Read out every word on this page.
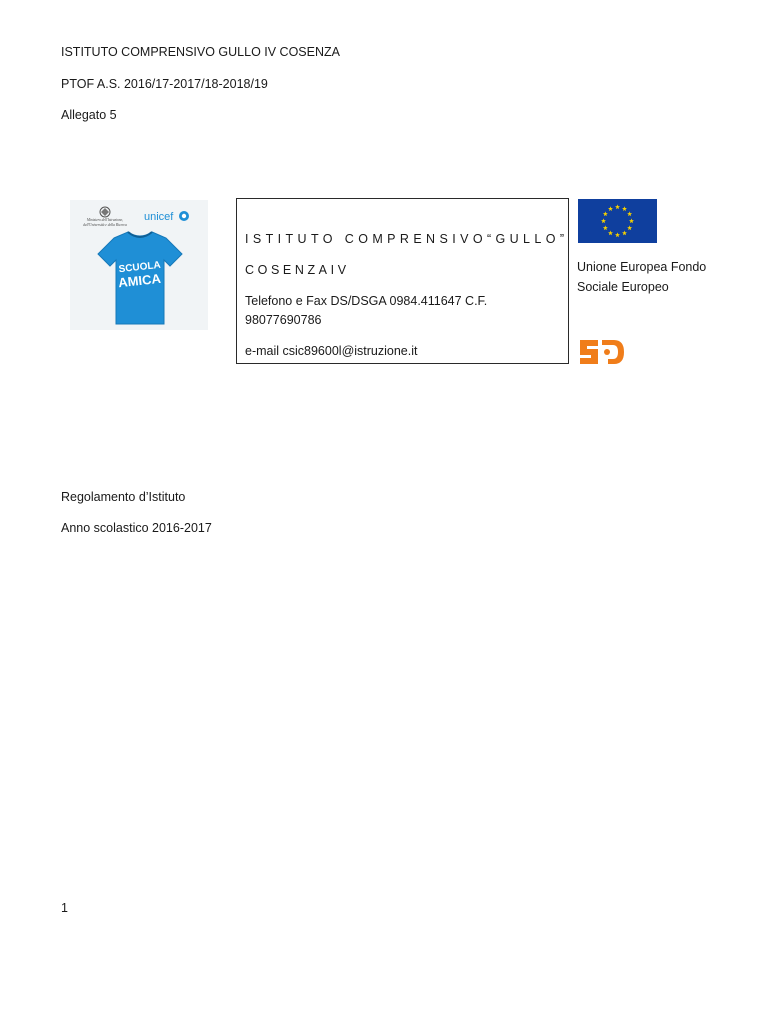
ISTITUTO COMPRENSIVO GULLO IV COSENZA
PTOF A.S. 2016/17-2017/18-2018/19
Allegato 5
Ministero dell'Istruzione,
dell'Università e della Ricerca
unicef
SCUOLA
AMICA
ISTITUTO COMPRENSIVO“GULLO”
COSENZAIV
Telefono e Fax DS/DSGA 0984.411647 C.F.
98077690786
e-mail csic89600l@istruzione.it
Unione Europea Fondo
Sociale Europeo
Regolamento d’Istituto
Anno scolastico 2016-2017
1
